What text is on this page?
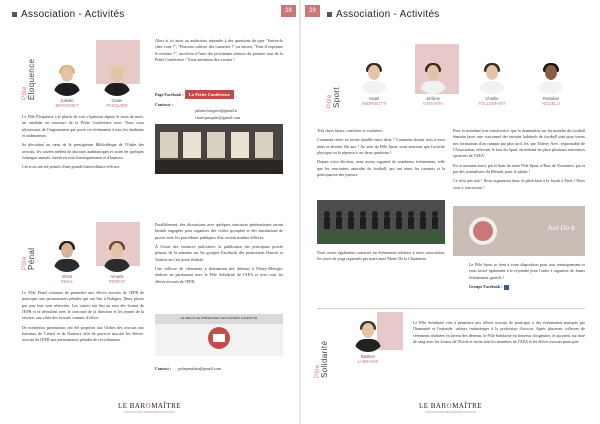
28
Association - Activités
Pôle Éloquence
Juliette
BERGERET
Claire
PASQUIER

Le Pôle Éloquence a le plaisir de voir s'épanouir depuis le mois de mars, un candidat au concours de la Petite Conférence avec. Nous vous réjouissons de l'engouement que porte cet événement à tous les étudiants et audimateurs.

Sa déroulant au cœur de la prestigieuse Bibliothèque de l'Ordre des avocats, les soirées mêlent de discours audimatiques et notes de quelques échanges amusés, furent en cela d'enseignements et d'humour.

Ces trois ont eté primés d'une grande bienveillance efficace.

Alors si ici aussi ou audacieux répondre à des questions du type "Suivez-le chez vous ?", "Pouvons cultiver des causeries ?" ou encore, "Faut-il exprimer le ressenti ?", inscrivez à l'une des prochaines séances du premier tour de la Petite Conférence ! Nous attendons des vivants !

Page Facebook : La Petite Conférence

Contacts :

juliette.bergeret@gmail.fr

claire.pasquier@gmail.com

Pôle Pénal
Victor
RINAL
Amaris
PEREAT

Le Pôle Pénal continue de permettre aux élèves avocats de l'EFB de participer aux permanences pénales qui ont lieu à Bobigny. Deux places par jour leur sont réservées. Les visites ont lieu au sein des locaux de l'EFB et se déroulent avec le concours de la direction et les jeunes de la session, aux côtés des avocats commis d'office.

De nombreux partenariats ont été proposés aux Ordres des avocats aux barreaux de Créteil et de Nanterre afin de pouvoir inscrire les élèves-avocats de l'EFB aux permanences pénales de ces tribunaux.

Parallèlement, des discussions avec quelques structures pénitentiaires seront bientôt engagées pour organiser des visites groupées et des simulations de procès avec les procédures publiques d'un certain nombre d'élèves.

À l'issue des vacances judiciaires, la publication des principaux procès pénaux de la semaine sur les groupes Facebook des promotions Darrois et Toubon ne s'est point réalisée.

Une collecte de vêtements à destination des détenus à Fleury-Mérogis, réalisée en partenariat avec le Pôle Solidarité de l'AEA et avec tous les élèves-avocats de l'EFB.

LE REFUS DE PRÉSENTER SES PAPIERS D'IDENTITÉ

Contact : polepenalaea@gmail.com

LE BAROMAÎTRE
ASSOCIATION DES ÉLÈVES AVOCATS
29	Association - Activités
Pôle Sport	Asaël
ANDRIEUTTI
Jérôme
GARANTA
Charlie
FOLLENFANT
Rosaline
NGUELU

Très chers futurs, confrères et confrères,

Comment rester en forme durable entre deux ? Comment dormir trois à vous nuits et devenir élu aux ? Au sein du Pôle Sport, nous œuvrons que l'activité physique ou la réponse à ces deux questions !

Depuis votre élection, nous avons organisé de nombreux événements, telle que les rencontres amicales de football, qui ont réuni les tournois et la participation des joueurs.

Nous avons également contactés un évènement solidaire à notre association, les cours de yoga organisés par notre amie Marie De la Chaumerie.

Pour la troisième fois consécutive, que la domination sur les mondes du football féminin (avec une couronne) des terrains habituels de football sont pour toutes nos formations d'un campus par plus tard, les, par Thierry Arec, responsable de l'Association, effectuer le foot du Sport, en mettant en place plusieurs rencontres sportives de l'AEA.

En ce moment aussi, par le biais de notre Pôle Sport, à Bois de Vincennes, par et par des journalistes du Hérault, pour le plaisir !

Ce n'est pas fini ! Nous organisons donc le plein bien à la Juyuk à Paris ! Nous vous y retrouvons !

Just Do It

Le Pôle Sport se tient à votre disposition pour tout renseignement et vous invite également à le rejoindre pour l'aider à organiser de futurs événements sportifs !

Groupe Facebook :

Pôle Solidarité	Bastien
LABRANIE

Le Pôle Solidarité vise à permettre aux élèves avocats de participer à des événements marqués par l'humanité et l'entraide, valeurs intrinsèques à la profession d'avocat. Après plusieurs collectes de vêtements réalisées en faveur des détenus, le Pôle Solidarité est heureux d'organiser, le quotient, sur doté de sang avec les locaux de l'Ecole et invite tout les membres de l'AEA et les élèves avocats participer.

LE BAROMAÎTRE
ASSOCIATION DES ÉLÈVES AVOCATS
